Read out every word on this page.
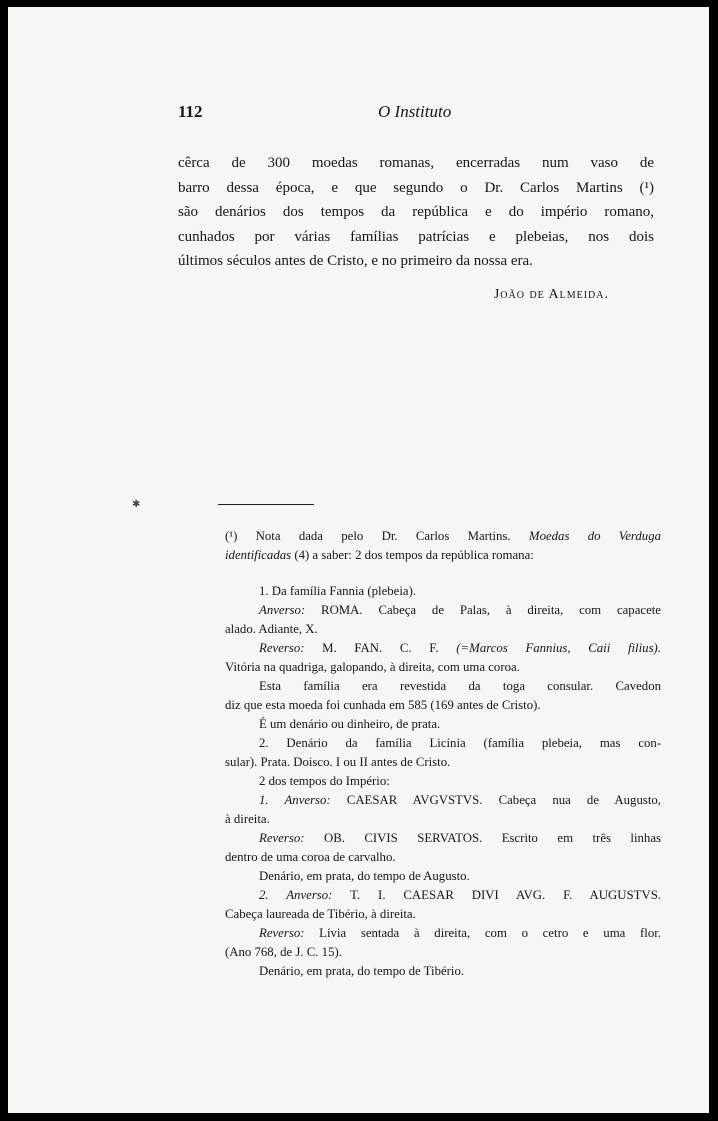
112	O Instituto
cêrca de 300 moedas romanas, encerradas num vaso de
barro dessa época, e que segundo o Dr. Carlos Martins (¹)
são denários dos tempos da república e do império romano,
cunhados por várias famílias patrícias e plebeias, nos dois
últimos séculos antes de Cristo, e no primeiro da nossa era.
João de Almeida.
✱

(¹) Nota dada pelo Dr. Carlos Martins. Moedas do Verduga

identificadas (4) a saber: 2 dos tempos da república romana:

1. Da família Fannia (plebeia).

Anverso: ROMA. Cabeça de Palas, à direita, com capacete

alado. Adiante, X.

Reverso: M. FAN. C. F. (=Marcos Fannius, Caii filius).

Vitória na quadriga, galopando, à direita, com uma coroa.

Esta família era revestida da toga consular. Cavedon

diz que esta moeda foi cunhada em 585 (169 antes de Cristo).

É um denário ou dinheiro, de prata.

2. Denário da família Licínia (família plebeia, mas con-

sular). Prata. Doisco. I ou II antes de Cristo.

2 dos tempos do Império:

1. Anverso: CAESAR AVGVSTVS. Cabeça nua de Augusto,

à direita.

Reverso: OB. CIVIS SERVATOS. Escrito em três linhas

dentro de uma coroa de carvalho.

Denário, em prata, do tempo de Augusto.

2. Anverso: T. I. CAESAR DIVI AVG. F. AUGUSTVS.

Cabeça laureada de Tibério, à direita.

Reverso: Lívia sentada à direita, com o cetro e uma flor.

(Ano 768, de J. C. 15).

Denário, em prata, do tempo de Tibério.
